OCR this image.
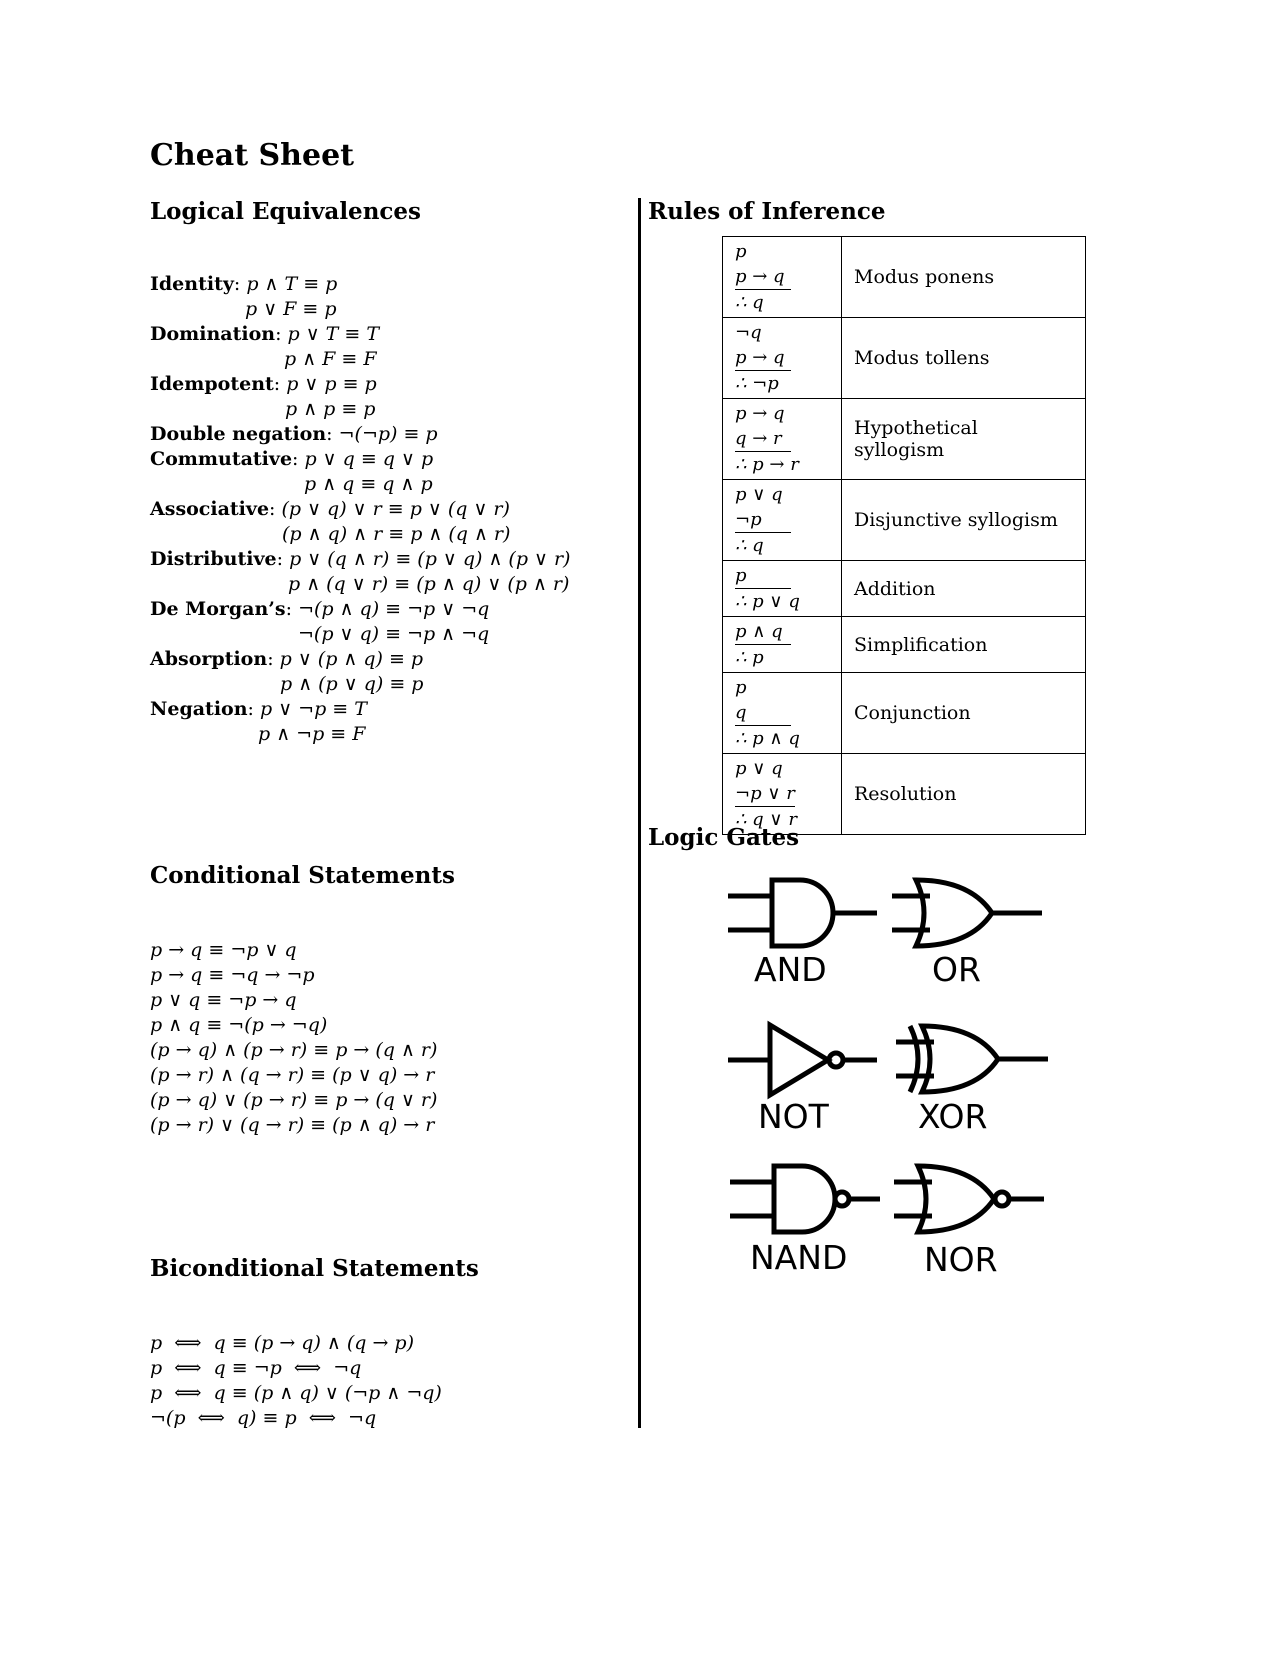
Cheat Sheet
Logical Equivalences
Conditional Statements
Biconditional Statements
Rules of Inference
Logic Gates
Identity: p ∧ T ≡ p
p ∨ F ≡ p
Domination: p ∨ T ≡ T
p ∧ F ≡ F
Idempotent: p ∨ p ≡ p
p ∧ p ≡ p
Double negation: ¬(¬p) ≡ p
Commutative: p ∨ q ≡ q ∨ p
p ∧ q ≡ q ∧ p
Associative: (p ∨ q) ∨ r ≡ p ∨ (q ∨ r)
(p ∧ q) ∧ r ≡ p ∧ (q ∧ r)
Distributive: p ∨ (q ∧ r) ≡ (p ∨ q) ∧ (p ∨ r)
p ∧ (q ∨ r) ≡ (p ∧ q) ∨ (p ∧ r)
De Morgan’s: ¬(p ∧ q) ≡ ¬p ∨ ¬q
¬(p ∨ q) ≡ ¬p ∧ ¬q
Absorption: p ∨ (p ∧ q) ≡ p
p ∧ (p ∨ q) ≡ p
Negation: p ∨ ¬p ≡ T
p ∧ ¬p ≡ F
p → q ≡ ¬p ∨ q
p → q ≡ ¬q → ¬p
p ∨ q ≡ ¬p → q
p ∧ q ≡ ¬(p → ¬q)
(p → q) ∧ (p → r) ≡ p → (q ∧ r)
(p → r) ∧ (q → r) ≡ (p ∨ q) → r
(p → q) ∨ (p → r) ≡ p → (q ∨ r)
(p → r) ∨ (q → r) ≡ (p ∧ q) → r
p  ⟺  q ≡ (p → q) ∧ (q → p)
p  ⟺  q ≡ ¬p  ⟺  ¬q
p  ⟺  q ≡ (p ∧ q) ∨ (¬p ∧ ¬q)
¬(p  ⟺  q) ≡ p  ⟺  ¬q
p
p → q

∴ q	Modus ponens

¬q
p → q

∴ ¬p	Modus tollens

p → q
q → r

∴ p → r	Hypothetical syllogism

p ∨ q
¬p

∴ q	Disjunctive syllogism
p

∴ p ∨ q	Addition
p ∧ q

∴ p	Simplification

p
q

∴ p ∧ q	Conjunction

p ∨ q
¬p ∨ r

∴ q ∨ r	Resolution
AND	OR
NOT	XOR
NAND NOR
